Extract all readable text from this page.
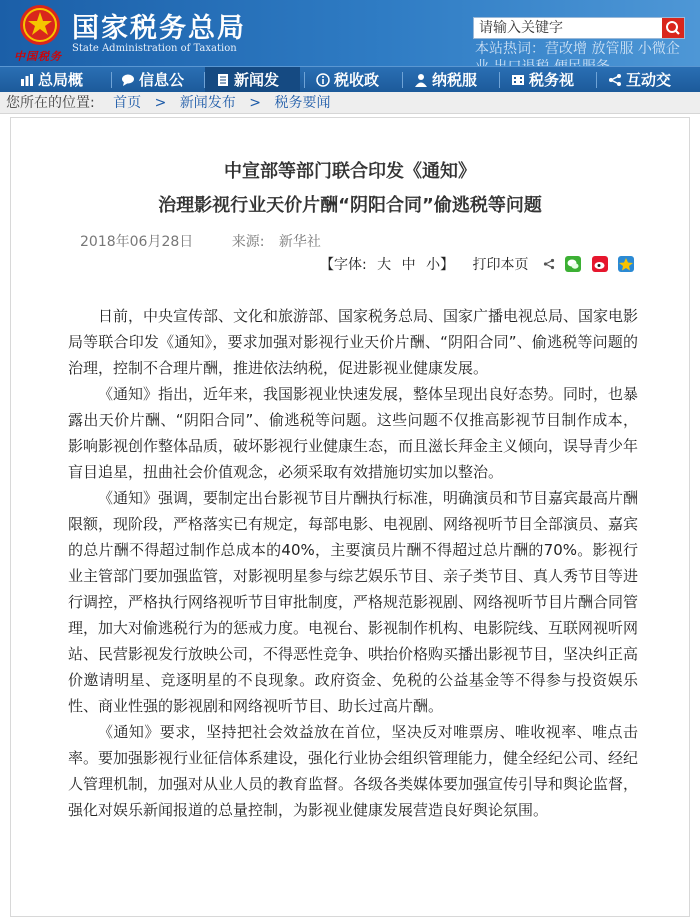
中国税务
国家税务总局
State Administration of Taxation
请输入关键字	本站热词：营改增 放管服 小微企
总局概	信息公	新闻发	税收政	纳税服	税务视	互动交
您所在的位置: 首页 > 新闻发布 > 税务要闻
中宣部等部门联合印发《通知》
治理影视行业天价片酬“阴阳合同”偷逃税等问题
2018年06月28日	来源: 新华社
【字体: 大 中 小】 打印本页

日前，中央宣传部、文化和旅游部、国家税务总局、国家广播电视总局、国家电影局等联合印发《通知》，要求加强对影视行业天价片酬、“阴阳合同”、偷逃税等问题的治理，控制不合理片酬，推进依法纳税，促进影视业健康发展。

《通知》指出，近年来，我国影视业快速发展，整体呈现出良好态势。同时，也暴露出天价片酬、“阴阳合同”、偷逃税等问题。这些问题不仅推高影视节目制作成本，影响影视创作整体品质，破坏影视行业健康生态，而且滋长拜金主义倾向，误导青少年盲目追星，扭曲社会价值观念，必须采取有效措施切实加以整治。

《通知》强调，要制定出台影视节目片酬执行标准，明确演员和节目嘉宾最高片酬限额，现阶段，严格落实已有规定，每部电影、电视剧、网络视听节目全部演员、嘉宾的总片酬不得超过制作总成本的40%，主要演员片酬不得超过总片酬的70%。影视行业主管部门要加强监管，对影视明星参与综艺娱乐节目、亲子类节目、真人秀节目等进行调控，严格执行网络视听节目审批制度，严格规范影视剧、网络视听节目片酬合同管理，加大对偷逃税行为的惩戒力度。电视台、影视制作机构、电影院线、互联网视听网站、民营影视发行放映公司，不得恶性竞争、哄抬价格购买播出影视节目，坚决纠正高价邀请明星、竞逐明星的不良现象。政府资金、免税的公益基金等不得参与投资娱乐性、商业性强的影视剧和网络视听节目、助长过高片酬。

《通知》要求，坚持把社会效益放在首位，坚决反对唯票房、唯收视率、唯点击率。要加强影视行业征信体系建设，强化行业协会组织管理能力，健全经纪公司、经纪人管理机制，加强对从业人员的教育监督。各级各类媒体要加强宣传引导和舆论监督，强化对娱乐新闻报道的总量控制，为影视业健康发展营造良好舆论氛围。
